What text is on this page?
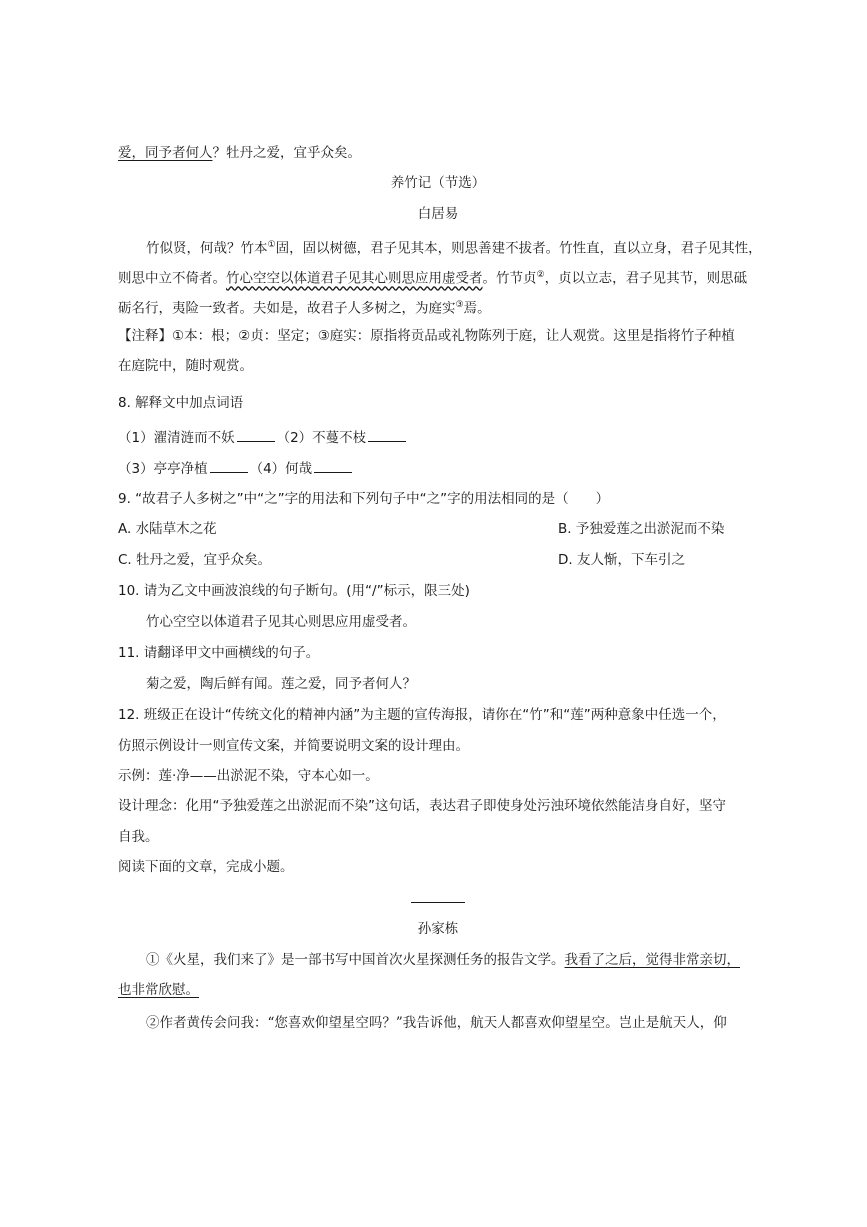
爱，同予者何人？牡丹之爱，宜乎众矣。
养竹记（节选）
白居易
竹似贤，何哉？竹本①固，固以树德，君子见其本，则思善建不拔者。竹性直，直以立身，君子见其性，
则思中立不倚者。竹心空空以体道君子见其心则思应用虚受者。竹节贞②，贞以立志，君子见其节，则思砥
砺名行，夷险一致者。夫如是，故君子人多树之，为庭实③焉。
【注释】①本：根；②贞：坚定；③庭实：原指将贡品或礼物陈列于庭，让人观赏。这里是指将竹子种植
在庭院中，随时观赏。
8. 解释文中加点词语
（1）濯清涟而不妖	（2）不蔓不枝
（3）亭亭净植	（4）何哉
9. “故君子人多树之”中“之”字的用法和下列句子中“之”字的用法相同的是（　　）
A. 水陆草木之花	B. 予独爱莲之出淤泥而不染
C. 牡丹之爱，宜乎众矣。	D. 友人惭，下车引之
10. 请为乙文中画波浪线的句子断句。(用“/”标示，限三处)
竹心空空以体道君子见其心则思应用虚受者。
11. 请翻译甲文中画横线的句子。
菊之爱，陶后鲜有闻。莲之爱，同予者何人？
12. 班级正在设计“传统文化的精神内涵”为主题的宣传海报，请你在“竹”和“莲”两种意象中任选一个，
仿照示例设计一则宣传文案，并简要说明文案的设计理由。
示例：莲·净——出淤泥不染，守本心如一。
设计理念：化用“予独爱莲之出淤泥而不染”这句话，表达君子即使身处污浊环境依然能洁身自好，坚守
自我。
阅读下面的文章，完成小题。
孙家栋
①《火星，我们来了》是一部书写中国首次火星探测任务的报告文学。我看了之后，觉得非常亲切，
也非常欣慰。
②作者黄传会问我：“您喜欢仰望星空吗？”我告诉他，航天人都喜欢仰望星空。岂止是航天人，仰
